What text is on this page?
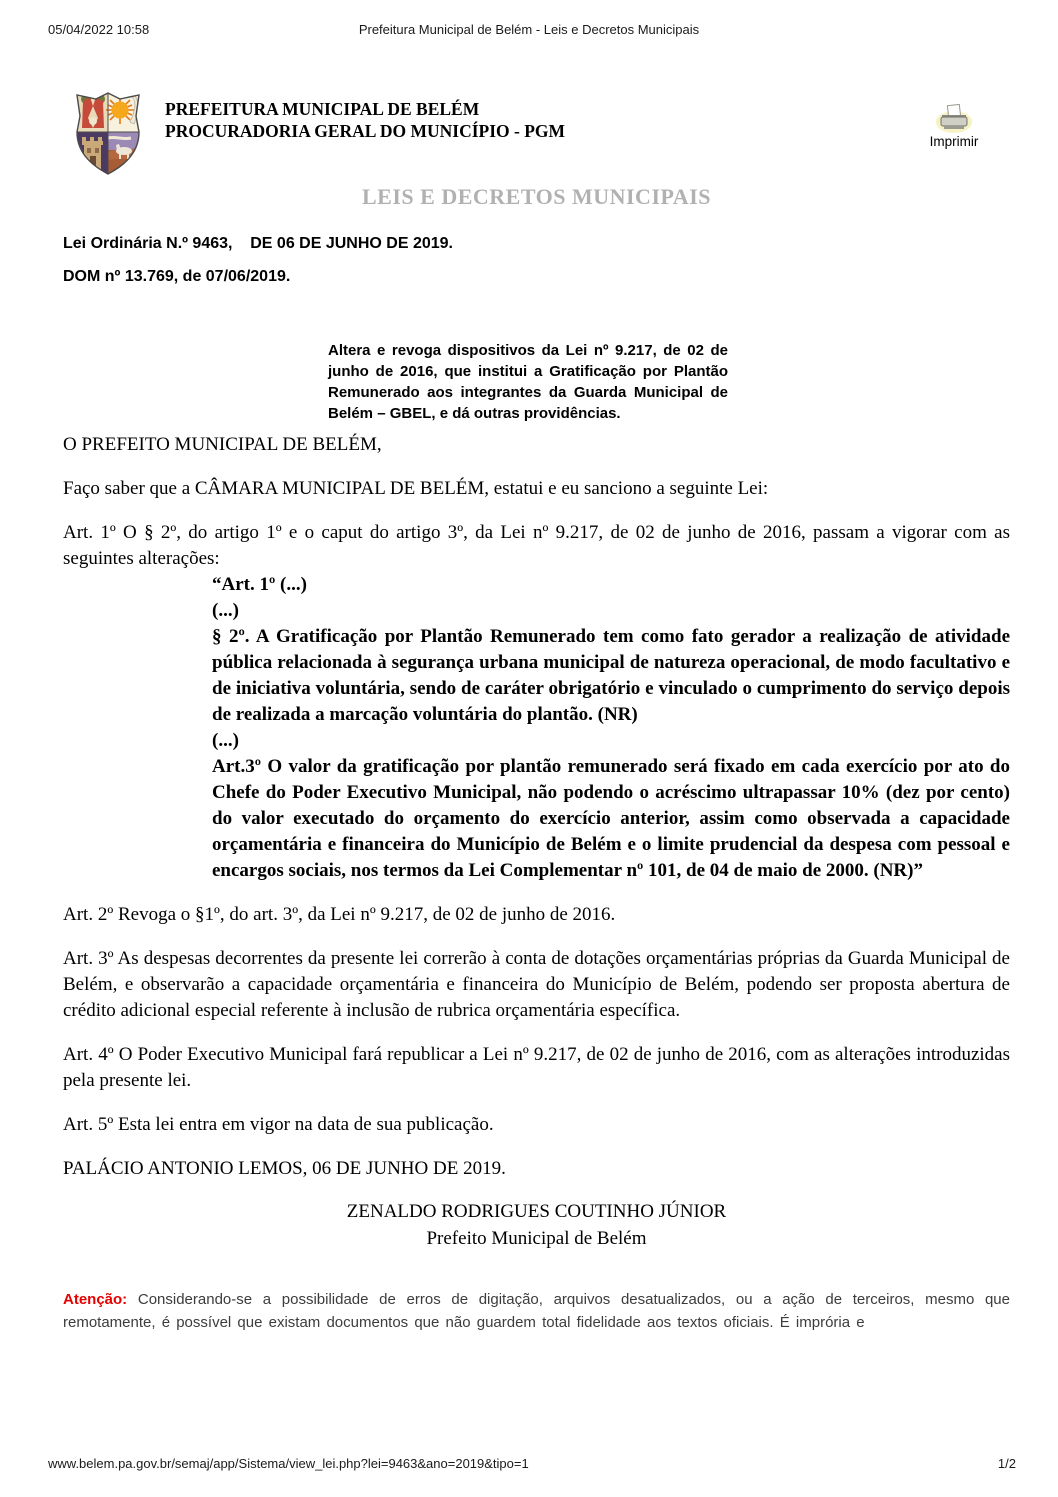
Prefeitura Municipal de Belém - Leis e Decretos Municipais
05/04/2022 10:58
PREFEITURA MUNICIPAL DE BELÉM
PROCURADORIA GERAL DO MUNICÍPIO - PGM
Imprimir
LEIS E DECRETOS MUNICIPAIS
Lei Ordinária N.º 9463,    DE 06 DE JUNHO DE 2019.
DOM nº 13.769, de 07/06/2019.
Altera e revoga dispositivos da Lei nº 9.217, de 02 de junho de 2016, que institui a Gratificação por Plantão Remunerado aos integrantes da Guarda Municipal de Belém – GBEL, e dá outras providências.

O PREFEITO MUNICIPAL DE BELÉM,

Faço saber que a CÂMARA MUNICIPAL DE BELÉM, estatui e eu sanciono a seguinte Lei:

Art. 1º O § 2º, do artigo 1º e o caput do artigo 3º, da Lei nº 9.217, de 02 de junho de 2016, passam a vigorar com as seguintes alterações:

“Art. 1º (...)

(...)

§ 2º. A Gratificação por Plantão Remunerado tem como fato gerador a realização de atividade pública relacionada à segurança urbana municipal de natureza operacional, de modo facultativo e de iniciativa voluntária, sendo de caráter obrigatório e vinculado o cumprimento do serviço depois de realizada a marcação voluntária do plantão. (NR)

(...)

Art.3º O valor da gratificação por plantão remunerado será fixado em cada exercício por ato do Chefe do Poder Executivo Municipal, não podendo o acréscimo ultrapassar 10% (dez por cento) do valor executado do orçamento do exercício anterior, assim como observada a capacidade orçamentária e financeira do Município de Belém e o limite prudencial da despesa com pessoal e encargos sociais, nos termos da Lei Complementar nº 101, de 04 de maio de 2000. (NR)”

Art. 2º Revoga o §1º, do art. 3º, da Lei nº 9.217, de 02 de junho de 2016.

Art. 3º As despesas decorrentes da presente lei correrão à conta de dotações orçamentárias próprias da Guarda Municipal de Belém, e observarão a capacidade orçamentária e financeira do Município de Belém, podendo ser proposta abertura de crédito adicional especial referente à inclusão de rubrica orçamentária específica.

Art. 4º O Poder Executivo Municipal fará republicar a Lei nº 9.217, de 02 de junho de 2016, com as alterações introduzidas pela presente lei.

Art. 5º Esta lei entra em vigor na data de sua publicação.

PALÁCIO ANTONIO LEMOS, 06 DE JUNHO DE 2019.

ZENALDO RODRIGUES COUTINHO JÚNIOR
Prefeito Municipal de Belém
Atenção: Considerando-se a possibilidade de erros de digitação, arquivos desatualizados, ou a ação de terceiros, mesmo que remotamente, é possível que existam documentos que não guardem total fidelidade aos textos oficiais. É imprória e
www.belem.pa.gov.br/semaj/app/Sistema/view_lei.php?lei=9463&ano=2019&tipo=1	1/2
